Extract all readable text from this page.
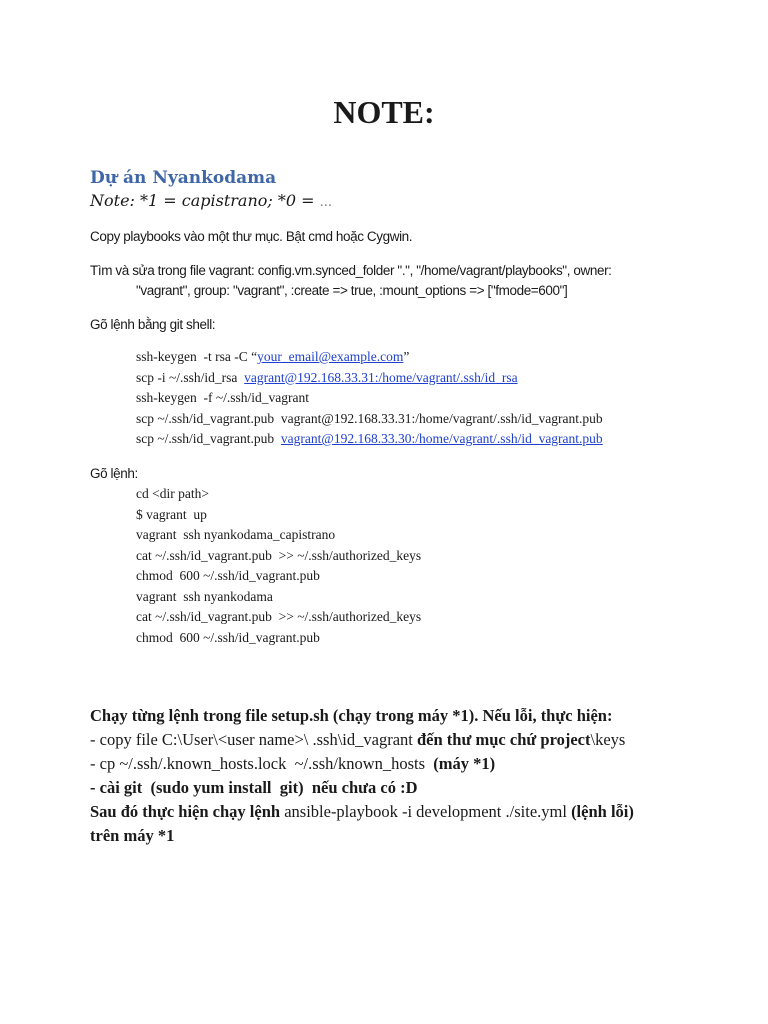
NOTE:
Dự án Nyankodama
Note: *1 = capistrano; *0 = ...
Copy playbooks vào một thư mục. Bật cmd hoặc Cygwin.
Tìm và sửa trong file vagrant: config.vm.synced_folder ".", "/home/vagrant/playbooks", owner:
"vagrant", group: "vagrant", :create => true, :mount_options => ["fmode=600"]
Gõ lệnh bằng git shell:
ssh-keygen  -t rsa -C “your_email@example.com”
scp -i ~/.ssh/id_rsa  vagrant@192.168.33.31:/home/vagrant/.ssh/id_rsa
ssh-keygen  -f ~/.ssh/id_vagrant
scp ~/.ssh/id_vagrant.pub  vagrant@192.168.33.31:/home/vagrant/.ssh/id_vagrant.pub
scp ~/.ssh/id_vagrant.pub  vagrant@192.168.33.30:/home/vagrant/.ssh/id_vagrant.pub
Gõ lệnh:
cd <dir path>
$ vagrant  up
vagrant  ssh nyankodama_capistrano
cat ~/.ssh/id_vagrant.pub  >> ~/.ssh/authorized_keys
chmod  600 ~/.ssh/id_vagrant.pub
vagrant  ssh nyankodama
cat ~/.ssh/id_vagrant.pub  >> ~/.ssh/authorized_keys
chmod  600 ~/.ssh/id_vagrant.pub
Chạy từng lệnh trong file setup.sh (chạy trong máy *1). Nếu lỗi, thực hiện:
- copy file C:\User\<user name>\ .ssh\id_vagrant đến thư mục chứ project\keys
- cp ~/.ssh/.known_hosts.lock  ~/.ssh/known_hosts  (máy *1)
- cài git  (sudo yum install  git)  nếu chưa có :D
Sau đó thực hiện chạy lệnh ansible-playbook -i development ./site.yml (lệnh lỗi)
trên máy *1
